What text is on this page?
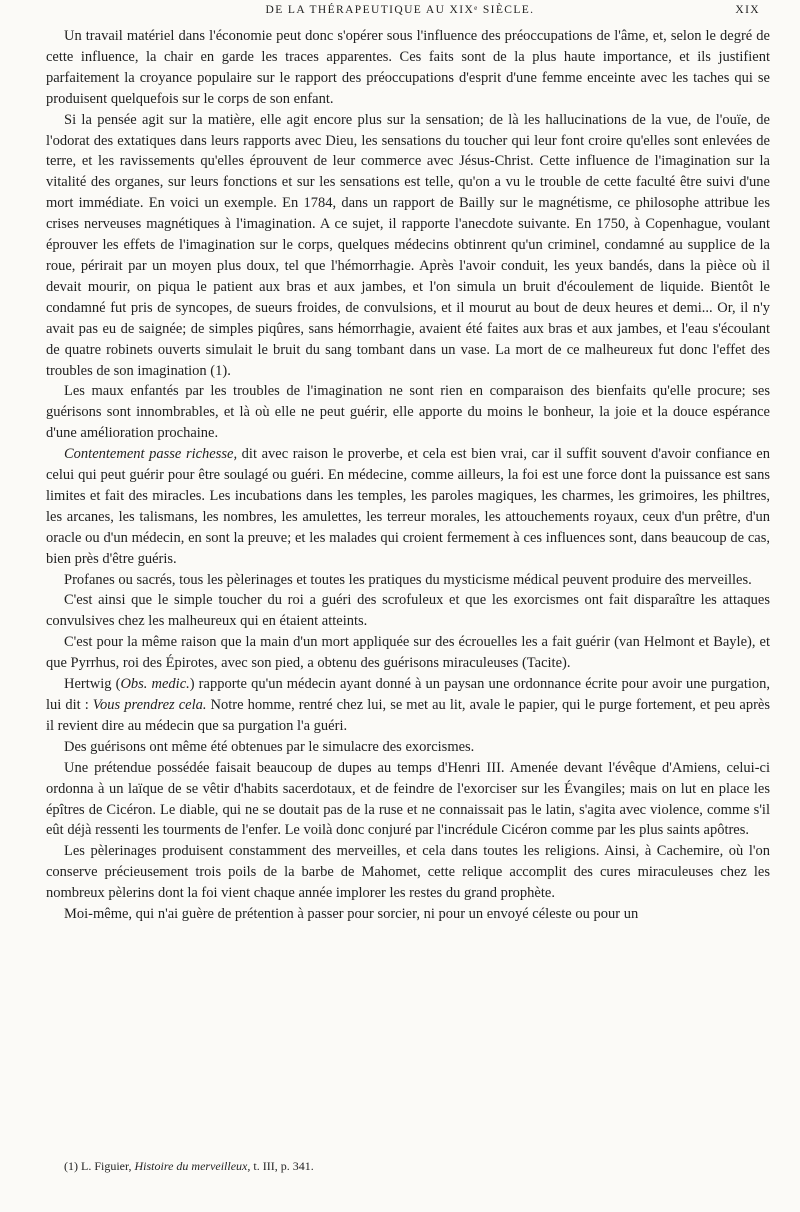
DE LA THÉRAPEUTIQUE AU XIXᵉ SIÈCLE.	XIX

Un travail matériel dans l'économie peut donc s'opérer sous l'influence des préoccupations de l'âme, et, selon le degré de cette influence, la chair en garde les traces apparentes. Ces faits sont de la plus haute importance, et ils justifient parfaitement la croyance populaire sur le rapport des préoccupations d'esprit d'une femme enceinte avec les taches qui se produisent quelquefois sur le corps de son enfant.

Si la pensée agit sur la matière, elle agit encore plus sur la sensation; de là les hallucinations de la vue, de l'ouïe, de l'odorat des extatiques dans leurs rapports avec Dieu, les sensations du toucher qui leur font croire qu'elles sont enlevées de terre, et les ravissements qu'elles éprouvent de leur commerce avec Jésus-Christ. Cette influence de l'imagination sur la vitalité des organes, sur leurs fonctions et sur les sensations est telle, qu'on a vu le trouble de cette faculté être suivi d'une mort immédiate. En voici un exemple. En 1784, dans un rapport de Bailly sur le magnétisme, ce philosophe attribue les crises nerveuses magnétiques à l'imagination. A ce sujet, il rapporte l'anecdote suivante. En 1750, à Copenhague, voulant éprouver les effets de l'imagination sur le corps, quelques médecins obtinrent qu'un criminel, condamné au supplice de la roue, périrait par un moyen plus doux, tel que l'hémorrhagie. Après l'avoir conduit, les yeux bandés, dans la pièce où il devait mourir, on piqua le patient aux bras et aux jambes, et l'on simula un bruit d'écoulement de liquide. Bientôt le condamné fut pris de syncopes, de sueurs froides, de convulsions, et il mourut au bout de deux heures et demi... Or, il n'y avait pas eu de saignée; de simples piqûres, sans hémorrhagie, avaient été faites aux bras et aux jambes, et l'eau s'écoulant de quatre robinets ouverts simulait le bruit du sang tombant dans un vase. La mort de ce malheureux fut donc l'effet des troubles de son imagination (1).

Les maux enfantés par les troubles de l'imagination ne sont rien en comparaison des bienfaits qu'elle procure; ses guérisons sont innombrables, et là où elle ne peut guérir, elle apporte du moins le bonheur, la joie et la douce espérance d'une amélioration prochaine.

Contentement passe richesse, dit avec raison le proverbe, et cela est bien vrai, car il suffit souvent d'avoir confiance en celui qui peut guérir pour être soulagé ou guéri. En médecine, comme ailleurs, la foi est une force dont la puissance est sans limites et fait des miracles. Les incubations dans les temples, les paroles magiques, les charmes, les grimoires, les philtres, les arcanes, les talismans, les nombres, les amulettes, les terreur morales, les attouchements royaux, ceux d'un prêtre, d'un oracle ou d'un médecin, en sont la preuve; et les malades qui croient fermement à ces influences sont, dans beaucoup de cas, bien près d'être guéris.

Profanes ou sacrés, tous les pèlerinages et toutes les pratiques du mysticisme médical peuvent produire des merveilles.

C'est ainsi que le simple toucher du roi a guéri des scrofuleux et que les exorcismes ont fait disparaître les attaques convulsives chez les malheureux qui en étaient atteints.

C'est pour la même raison que la main d'un mort appliquée sur des écrouelles les a fait guérir (van Helmont et Bayle), et que Pyrrhus, roi des Épirotes, avec son pied, a obtenu des guérisons miraculeuses (Tacite).

Hertwig (Obs. medic.) rapporte qu'un médecin ayant donné à un paysan une ordonnance écrite pour avoir une purgation, lui dit : Vous prendrez cela. Notre homme, rentré chez lui, se met au lit, avale le papier, qui le purge fortement, et peu après il revient dire au médecin que sa purgation l'a guéri.

Des guérisons ont même été obtenues par le simulacre des exorcismes.

Une prétendue possédée faisait beaucoup de dupes au temps d'Henri III. Amenée devant l'évêque d'Amiens, celui-ci ordonna à un laïque de se vêtir d'habits sacerdotaux, et de feindre de l'exorciser sur les Évangiles; mais on lut en place les épîtres de Cicéron. Le diable, qui ne se doutait pas de la ruse et ne connaissait pas le latin, s'agita avec violence, comme s'il eût déjà ressenti les tourments de l'enfer. Le voilà donc conjuré par l'incrédule Cicéron comme par les plus saints apôtres.

Les pèlerinages produisent constamment des merveilles, et cela dans toutes les religions. Ainsi, à Cachemire, où l'on conserve précieusement trois poils de la barbe de Mahomet, cette relique accomplit des cures miraculeuses chez les nombreux pèlerins dont la foi vient chaque année implorer les restes du grand prophète.

Moi-même, qui n'ai guère de prétention à passer pour sorcier, ni pour un envoyé céleste ou pour un

(1) L. Figuier, Histoire du merveilleux, t. III, p. 341.
